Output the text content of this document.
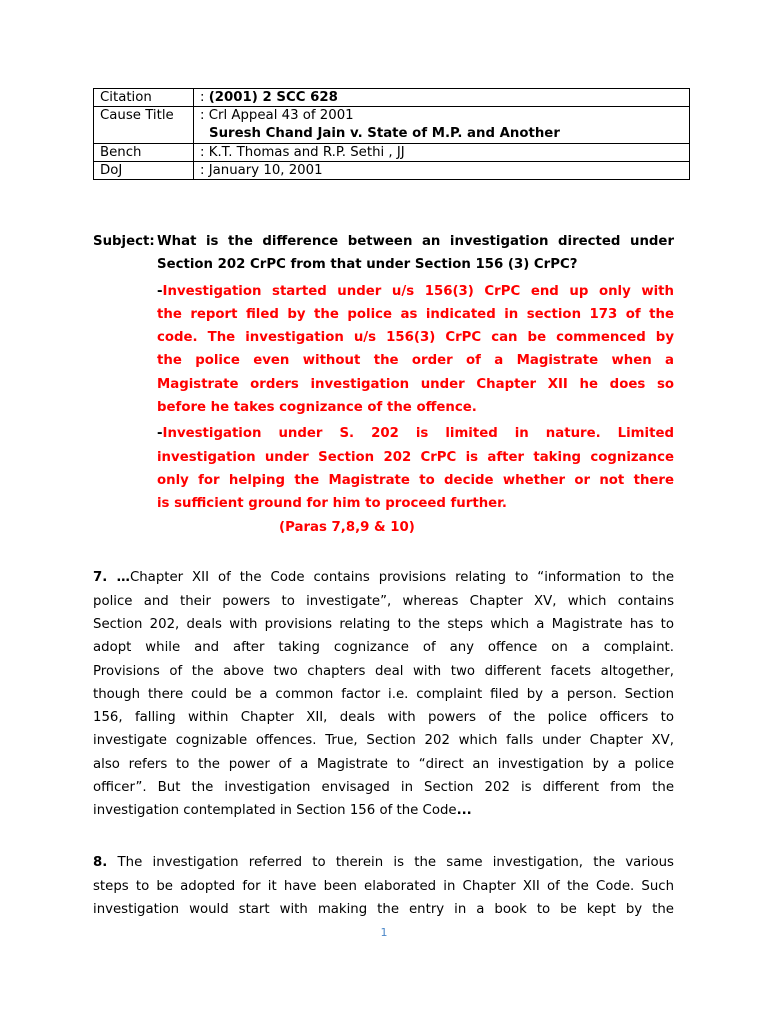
Citation	: (2001) 2 SCC 628
Cause Title	: Crl Appeal 43 of 2001
Suresh Chand Jain v. State of M.P. and Another
Bench	: K.T. Thomas and R.P. Sethi , JJ
DoJ	: January 10, 2001
Subject: What is the difference between an investigation directed under
Section 202 CrPC from that under Section 156 (3) CrPC?
-Investigation started under u/s 156(3) CrPC end up only with
the report filed by the police as indicated in section 173 of the
code. The investigation u/s 156(3) CrPC can be commenced by
the police even without the order of a Magistrate when a
Magistrate orders investigation under Chapter XII he does so
before he takes cognizance of the offence.
-Investigation under S. 202 is limited in nature. Limited
investigation under Section 202 CrPC is after taking cognizance
only for helping the Magistrate to decide whether or not there
is sufficient ground for him to proceed further.
(Paras 7,8,9 & 10)
7. …Chapter XII of the Code contains provisions relating to “information to the
police and their powers to investigate”, whereas Chapter XV, which contains
Section 202, deals with provisions relating to the steps which a Magistrate has to
adopt while and after taking cognizance of any offence on a complaint.
Provisions of the above two chapters deal with two different facets altogether,
though there could be a common factor i.e. complaint filed by a person. Section
156, falling within Chapter XII, deals with powers of the police officers to
investigate cognizable offences. True, Section 202 which falls under Chapter XV,
also refers to the power of a Magistrate to “direct an investigation by a police
officer”. But the investigation envisaged in Section 202 is different from the
investigation contemplated in Section 156 of the Code...
8. The investigation referred to therein is the same investigation, the various
steps to be adopted for it have been elaborated in Chapter XII of the Code. Such
investigation would start with making the entry in a book to be kept by the
1
